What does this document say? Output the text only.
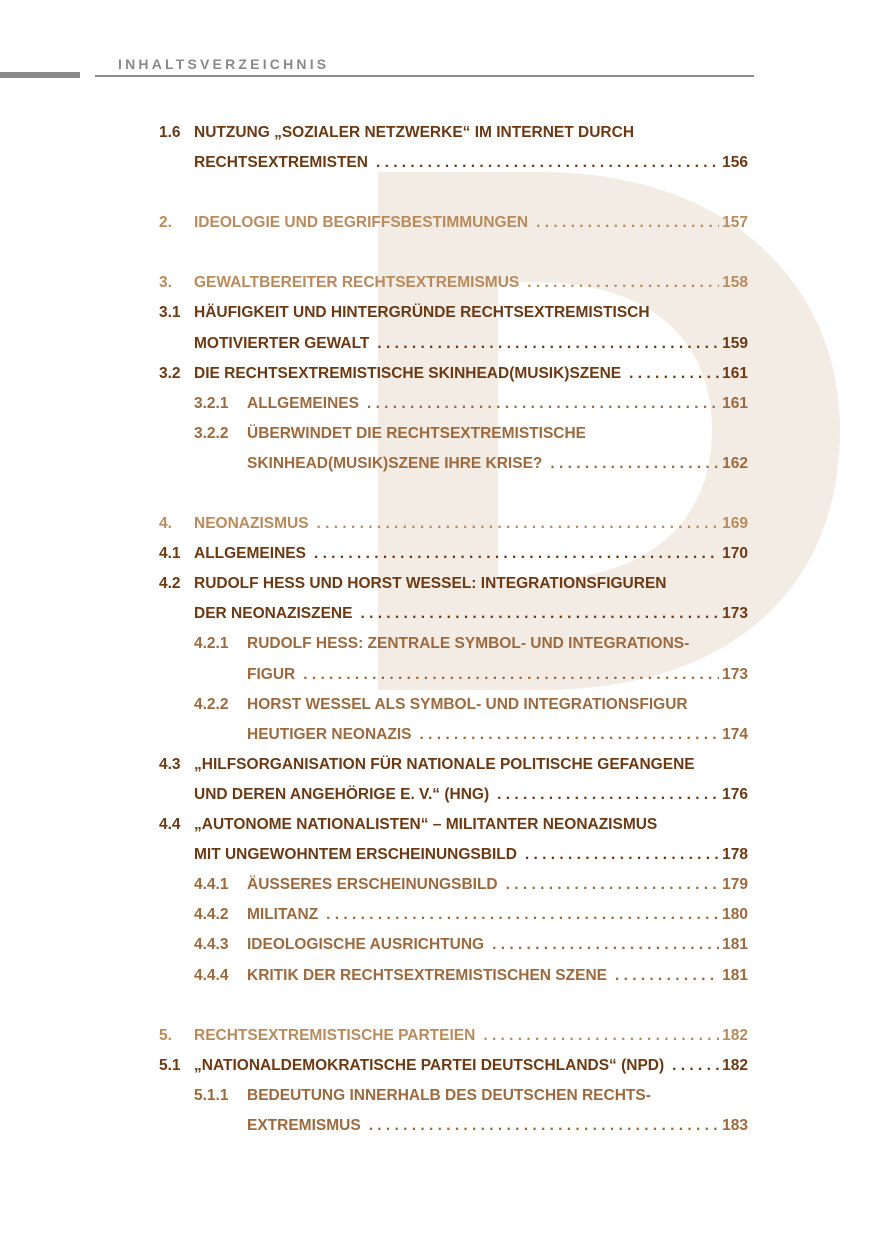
INHALTSVERZEICHNIS
1.6 NUTZUNG „SOZIALER NETZWERKE“ IM INTERNET DURCH
RECHTSEXTREMISTEN . . .	156
2. IDEOLOGIE UND BEGRIFFSBESTIMMUNGEN . . .	157
3. GEWALTBEREITER RECHTSEXTREMISMUS . . .	158
3.1 HÄUFIGKEIT UND HINTERGRÜNDE RECHTSEXTREMISTISCH
MOTIVIERTER GEWALT . . .	159
3.2 DIE RECHTSEXTREMISTISCHE SKINHEAD(MUSIK)SZENE . . .	161
3.2.1 ALLGEMEINES . . .	161
3.2.2 ÜBERWINDET DIE RECHTSEXTREMISTISCHE
SKINHEAD(MUSIK)SZENE IHRE KRISE? . . .	162
4. NEONAZISMUS . . .	169
4.1 ALLGEMEINES . . .	170
4.2 RUDOLF HESS UND HORST WESSEL: INTEGRATIONSFIGUREN
DER NEONAZISZENE . . .	173
4.2.1 RUDOLF HESS: ZENTRALE SYMBOL- UND INTEGRATIONS-
FIGUR . . .	173
4.2.2 HORST WESSEL ALS SYMBOL- UND INTEGRATIONSFIGUR
HEUTIGER NEONAZIS . . .	174
4.3 „HILFSORGANISATION FÜR NATIONALE POLITISCHE GEFANGENE
UND DEREN ANGEHÖRIGE E. V.“ (HNG) . . .	176
4.4 „AUTONOME NATIONALISTEN“ – MILITANTER NEONAZISMUS
MIT UNGEWOHNTEM ERSCHEINUNGSBILD . . .	178
4.4.1 ÄUSSERES ERSCHEINUNGSBILD . . .	179
4.4.2 MILITANZ . . .	180
4.4.3 IDEOLOGISCHE AUSRICHTUNG . . .	181
4.4.4 KRITIK DER RECHTSEXTREMISTISCHEN SZENE . . .	181
5. RECHTSEXTREMISTISCHE PARTEIEN . . .	182
5.1 „NATIONALDEMOKRATISCHE PARTEI DEUTSCHLANDS“ (NPD) . . .	182
5.1.1 BEDEUTUNG INNERHALB DES DEUTSCHEN RECHTS-
EXTREMISMUS . . .	183
